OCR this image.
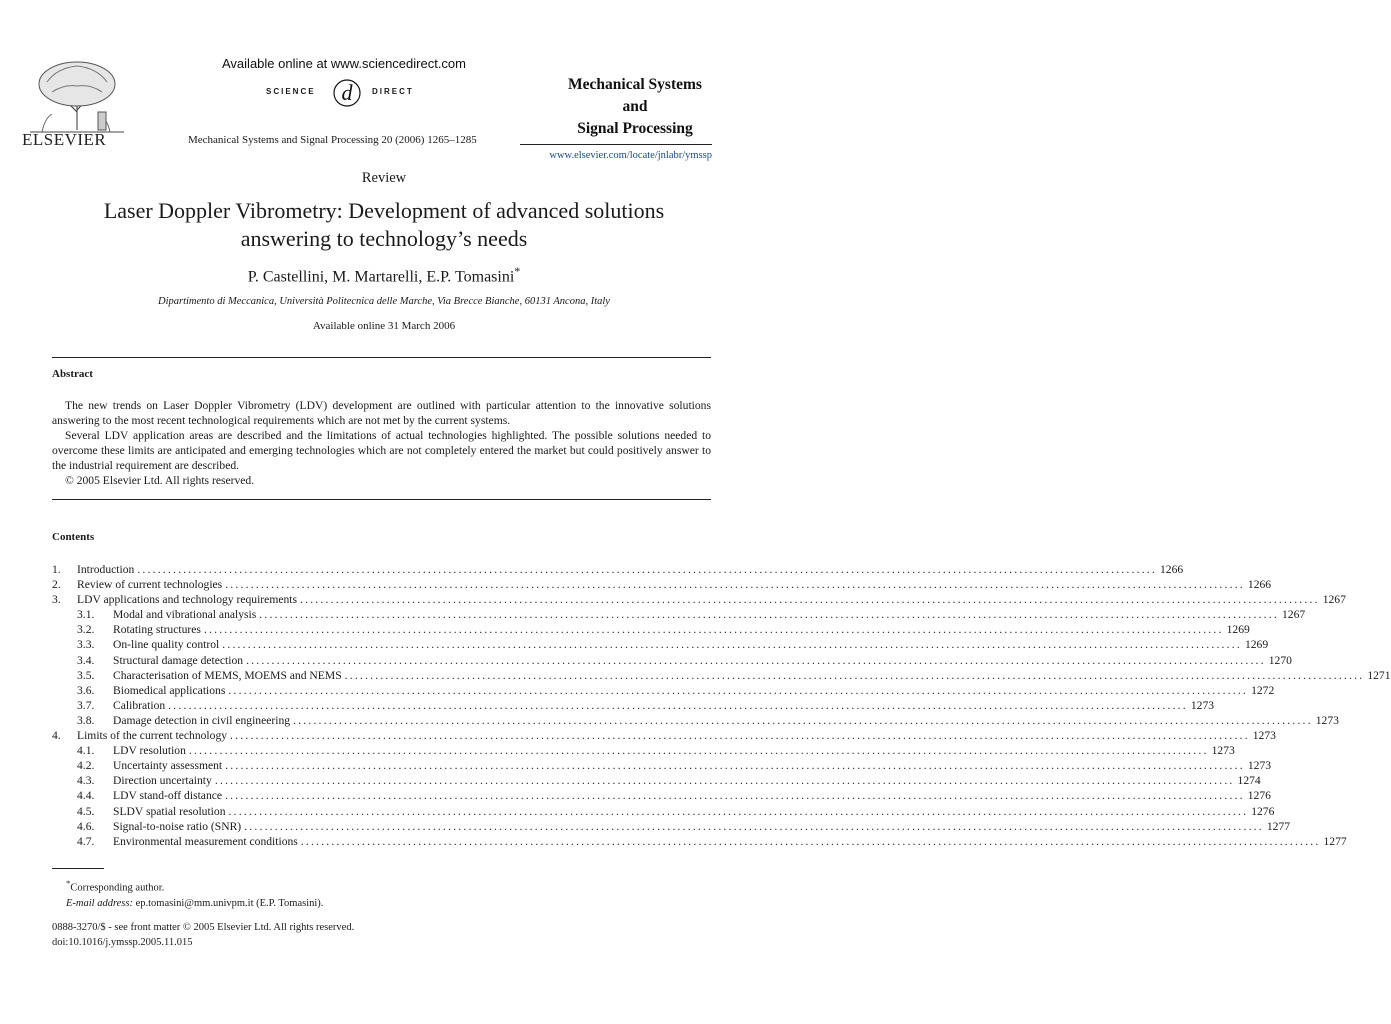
ELSEVIER
Available online at www.sciencedirect.com
SCIENCE d DIRECT
Mechanical Systems and Signal Processing 20 (2006) 1265–1285
Mechanical Systems
and
Signal Processing
www.elsevier.com/locate/jnlabr/ymssp
Review
Laser Doppler Vibrometry: Development of advanced solutions answering to technology’s needs
P. Castellini, M. Martarelli, E.P. Tomasini*
Dipartimento di Meccanica, Università Politecnica delle Marche, Via Brecce Bianche, 60131 Ancona, Italy
Available online 31 March 2006
Abstract

The new trends on Laser Doppler Vibrometry (LDV) development are outlined with particular attention to the innovative solutions answering to the most recent technological requirements which are not met by the current systems.

Several LDV application areas are described and the limitations of actual technologies highlighted. The possible solutions needed to overcome these limits are anticipated and emerging technologies which are not completely entered the market but could positively answer to the industrial requirement are described.

© 2005 Elsevier Ltd. All rights reserved.

Contents
1.	Introduction ........................................................................................................................................................................................................ 1266
2.	Review of current technologies ........................................................................................................................................................................................................ 1266
3.	LDV applications and technology requirements ........................................................................................................................................................................................................ 1267
3.1.	Modal and vibrational analysis ........................................................................................................................................................................................................ 1267
3.2.	Rotating structures ........................................................................................................................................................................................................ 1269
3.3.	On-line quality control ........................................................................................................................................................................................................ 1269
3.4.	Structural damage detection ........................................................................................................................................................................................................ 1270
3.5.	Characterisation of MEMS, MOEMS and NEMS ........................................................................................................................................................................................................ 1271
3.6.	Biomedical applications ........................................................................................................................................................................................................ 1272
3.7.	Calibration ........................................................................................................................................................................................................ 1273
3.8.	Damage detection in civil engineering ........................................................................................................................................................................................................ 1273
4.	Limits of the current technology ........................................................................................................................................................................................................ 1273
4.1.	LDV resolution ........................................................................................................................................................................................................ 1273
4.2.	Uncertainty assessment ........................................................................................................................................................................................................ 1273
4.3.	Direction uncertainty ........................................................................................................................................................................................................ 1274
4.4.	LDV stand-off distance ........................................................................................................................................................................................................ 1276
4.5.	SLDV spatial resolution ........................................................................................................................................................................................................ 1276
4.6.	Signal-to-noise ratio (SNR) ........................................................................................................................................................................................................ 1277
4.7.	Environmental measurement conditions ........................................................................................................................................................................................................ 1277
*Corresponding author.
E-mail address: ep.tomasini@mm.univpm.it (E.P. Tomasini).
0888-3270/$ - see front matter © 2005 Elsevier Ltd. All rights reserved.
doi:10.1016/j.ymssp.2005.11.015
